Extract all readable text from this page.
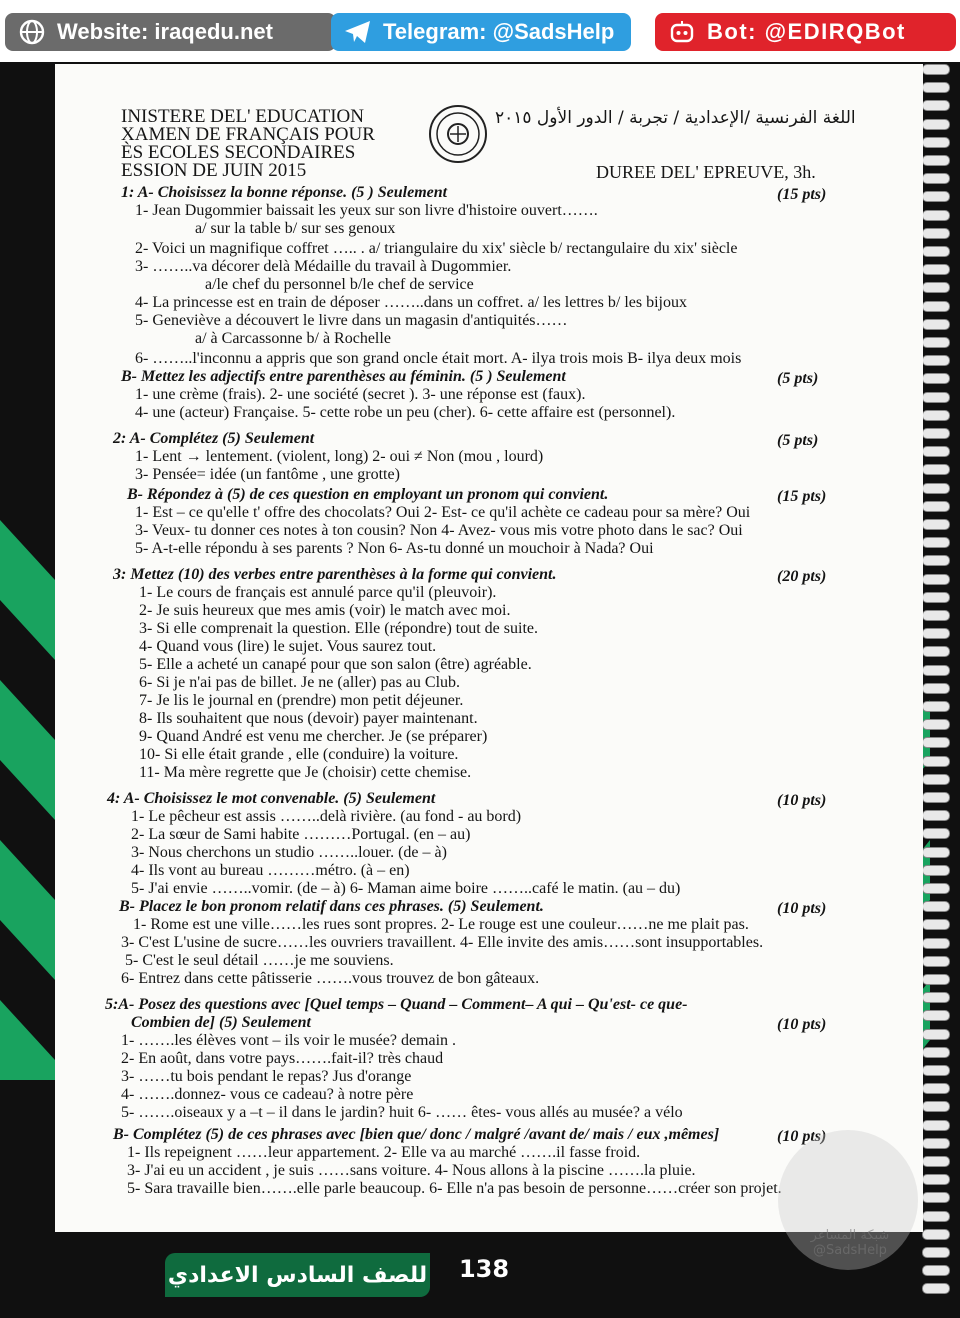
Website: iraqedu.net	Telegram: @SadsHelp	Bot: @EDIRQBot
INISTERE DEL' EDUCATION
XAMEN DE FRANÇAIS POUR
ÈS ECOLES SECONDAIRES
ESSION DE JUIN 2015
اللغة الفرنسية /الإعدادية / تجربة / الدور الأول ٢٠١٥
DUREE DEL' EPREUVE, 3h.
1: A- Choisissez la bonne réponse. (5 ) Seulement	(15 pts)
1- Jean Dugommier baissait les yeux sur son livre d'histoire ouvert…….
a/ sur la table b/ sur ses genoux
2- Voici un magnifique coffret ….. . a/ triangulaire du xix' siècle b/ rectangulaire du xix' siècle
3- ……..va décorer delà Médaille du travail à Dugommier.
a/le chef du personnel b/le chef de service
4- La princesse est en train de déposer ……..dans un coffret. a/ les lettres b/ les bijoux
5- Geneviève a découvert le livre dans un magasin d'antiquités……
a/ à Carcassonne b/ à Rochelle
6- ……..l'inconnu a appris que son grand oncle était mort. A- ilya trois mois B- ilya deux mois
B- Mettez les adjectifs entre parenthèses au féminin. (5 ) Seulement	(5 pts)
1- une crème (frais). 2- une société (secret ). 3- une réponse est (faux).
4- une (acteur) Française. 5- cette robe un peu (cher). 6- cette affaire est (personnel).
2: A- Complétez (5) Seulement	(5 pts)
1- Lent → lentement. (violent, long) 2- oui ≠ Non (mou , lourd)
3- Pensée= idée (un fantôme , une grotte)
B- Répondez à (5) de ces question en employant un pronom qui convient.	(15 pts)
1- Est – ce qu'elle t' offre des chocolats? Oui 2- Est- ce qu'il achète ce cadeau pour sa mère? Oui
3- Veux- tu donner ces notes à ton cousin? Non 4- Avez- vous mis votre photo dans le sac? Oui
5- A-t-elle répondu à ses parents ? Non 6- As-tu donné un mouchoir à Nada? Oui
3: Mettez (10) des verbes entre parenthèses à la forme qui convient.	(20 pts)
1- Le cours de français est annulé parce qu'il (pleuvoir).
2- Je suis heureux que mes amis (voir) le match avec moi.
3- Si elle comprenait la question. Elle (répondre) tout de suite.
4- Quand vous (lire) le sujet. Vous saurez tout.
5- Elle a acheté un canapé pour que son salon (être) agréable.
6- Si je n'ai pas de billet. Je ne (aller) pas au Club.
7- Je lis le journal en (prendre) mon petit déjeuner.
8- Ils souhaitent que nous (devoir) payer maintenant.
9- Quand André est venu me chercher. Je (se préparer)
10- Si elle était grande , elle (conduire) la voiture.
11- Ma mère regrette que Je (choisir) cette chemise.
4: A- Choisissez le mot convenable. (5) Seulement	(10 pts)
1- Le pêcheur est assis ……..delà rivière. (au fond - au bord)
2- La sœur de Sami habite ………Portugal. (en – au)
3- Nous cherchons un studio ……..louer. (de – à)
4- Ils vont au bureau ………métro. (à – en)
5- J'ai envie ……..vomir. (de – à) 6- Maman aime boire ……..café le matin. (au – du)
B- Placez le bon pronom relatif dans ces phrases. (5) Seulement.	(10 pts)
1- Rome est une ville……les rues sont propres. 2- Le rouge est une couleur……ne me plait pas.
3- C'est L'usine de sucre……les ouvriers travaillent. 4- Elle invite des amis……sont insupportables.
5- C'est le seul détail ……je me souviens.
6- Entrez dans cette pâtisserie …….vous trouvez de bon gâteaux.
5:A- Posez des questions avec [Quel temps – Quand – Comment– A qui – Qu'est- ce que-
Combien de] (5) Seulement	(10 pts)
1- …….les élèves vont – ils voir le musée? demain .
2- En août, dans votre pays…….fait-il? très chaud
3- ……tu bois pendant le repas? Jus d'orange
4- …….donnez- vous ce cadeau? à notre père
5- …….oiseaux y a –t – il dans le jardin? huit 6- …… êtes- vous allés au musée? a vélo
B- Complétez (5) de ces phrases avec [bien que/ donc / malgré /avant de/ mais / eux ,mêmes]	(10 pts)
1- Ils repeignent ……leur appartement. 2- Elle va au marché …….il fasse froid.
3- J'ai eu un accident , je suis ……sans voiture. 4- Nous allons à la piscine …….la pluie.
5- Sara travaille bien…….elle parle beaucoup. 6- Elle n'a pas besoin de personne……créer son projet.
للصف السادس الاعدادي 138
شبكة المساعر @SadsHelp
